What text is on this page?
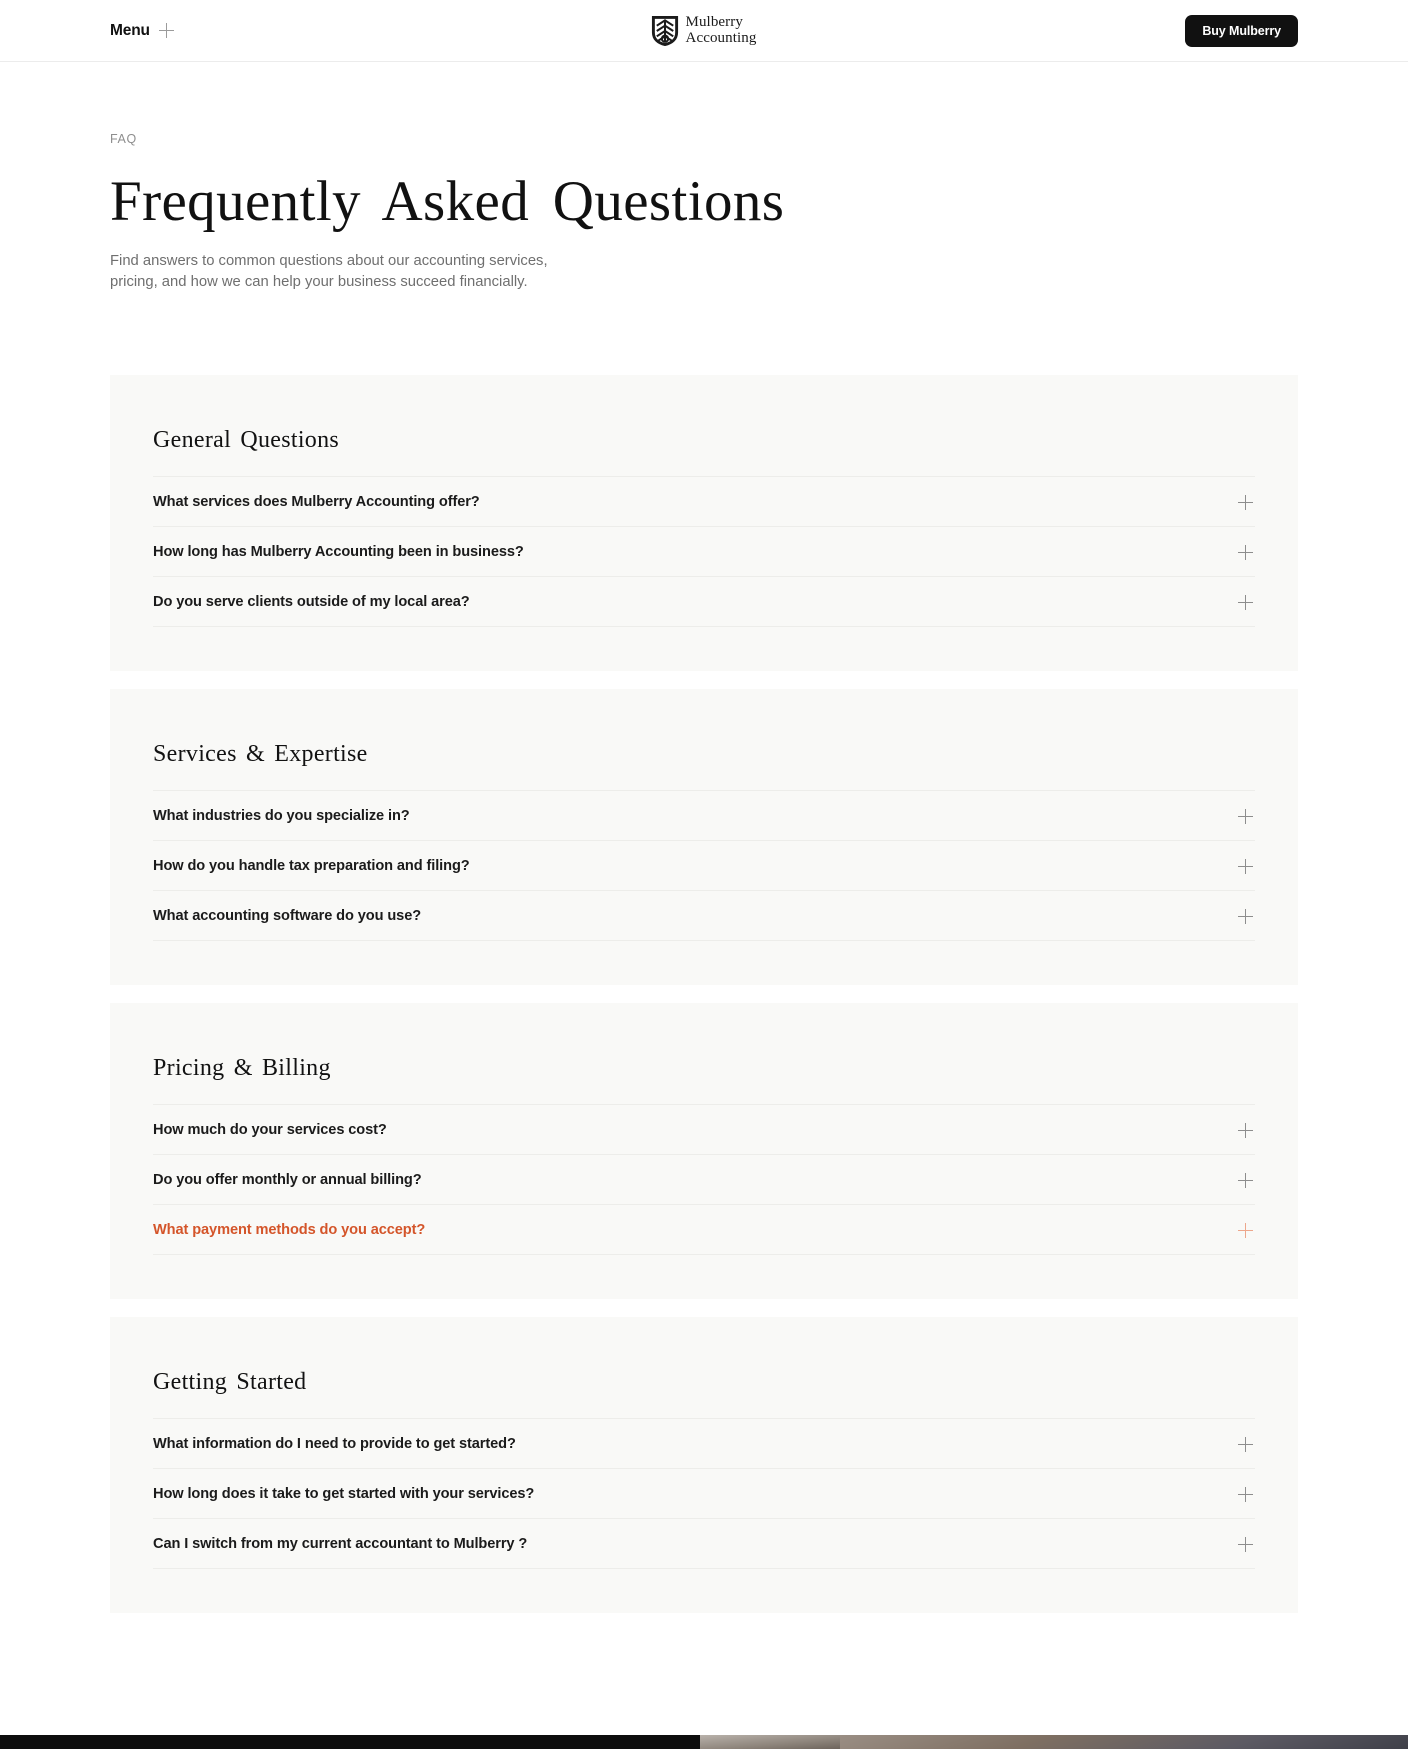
Menu	Mulberry
Accounting	Buy Mulberry
FAQ
Frequently Asked Questions

Find answers to common questions about our accounting services, pricing, and how we can help your business succeed financially.

General Questions
What services does Mulberry Accounting offer?
How long has Mulberry Accounting been in business?
Do you serve clients outside of my local area?
Services & Expertise
What industries do you specialize in?
How do you handle tax preparation and filing?
What accounting software do you use?
Pricing & Billing
How much do your services cost?
Do you offer monthly or annual billing?
What payment methods do you accept?
Getting Started
What information do I need to provide to get started?
How long does it take to get started with your services?
Can I switch from my current accountant to Mulberry ?
